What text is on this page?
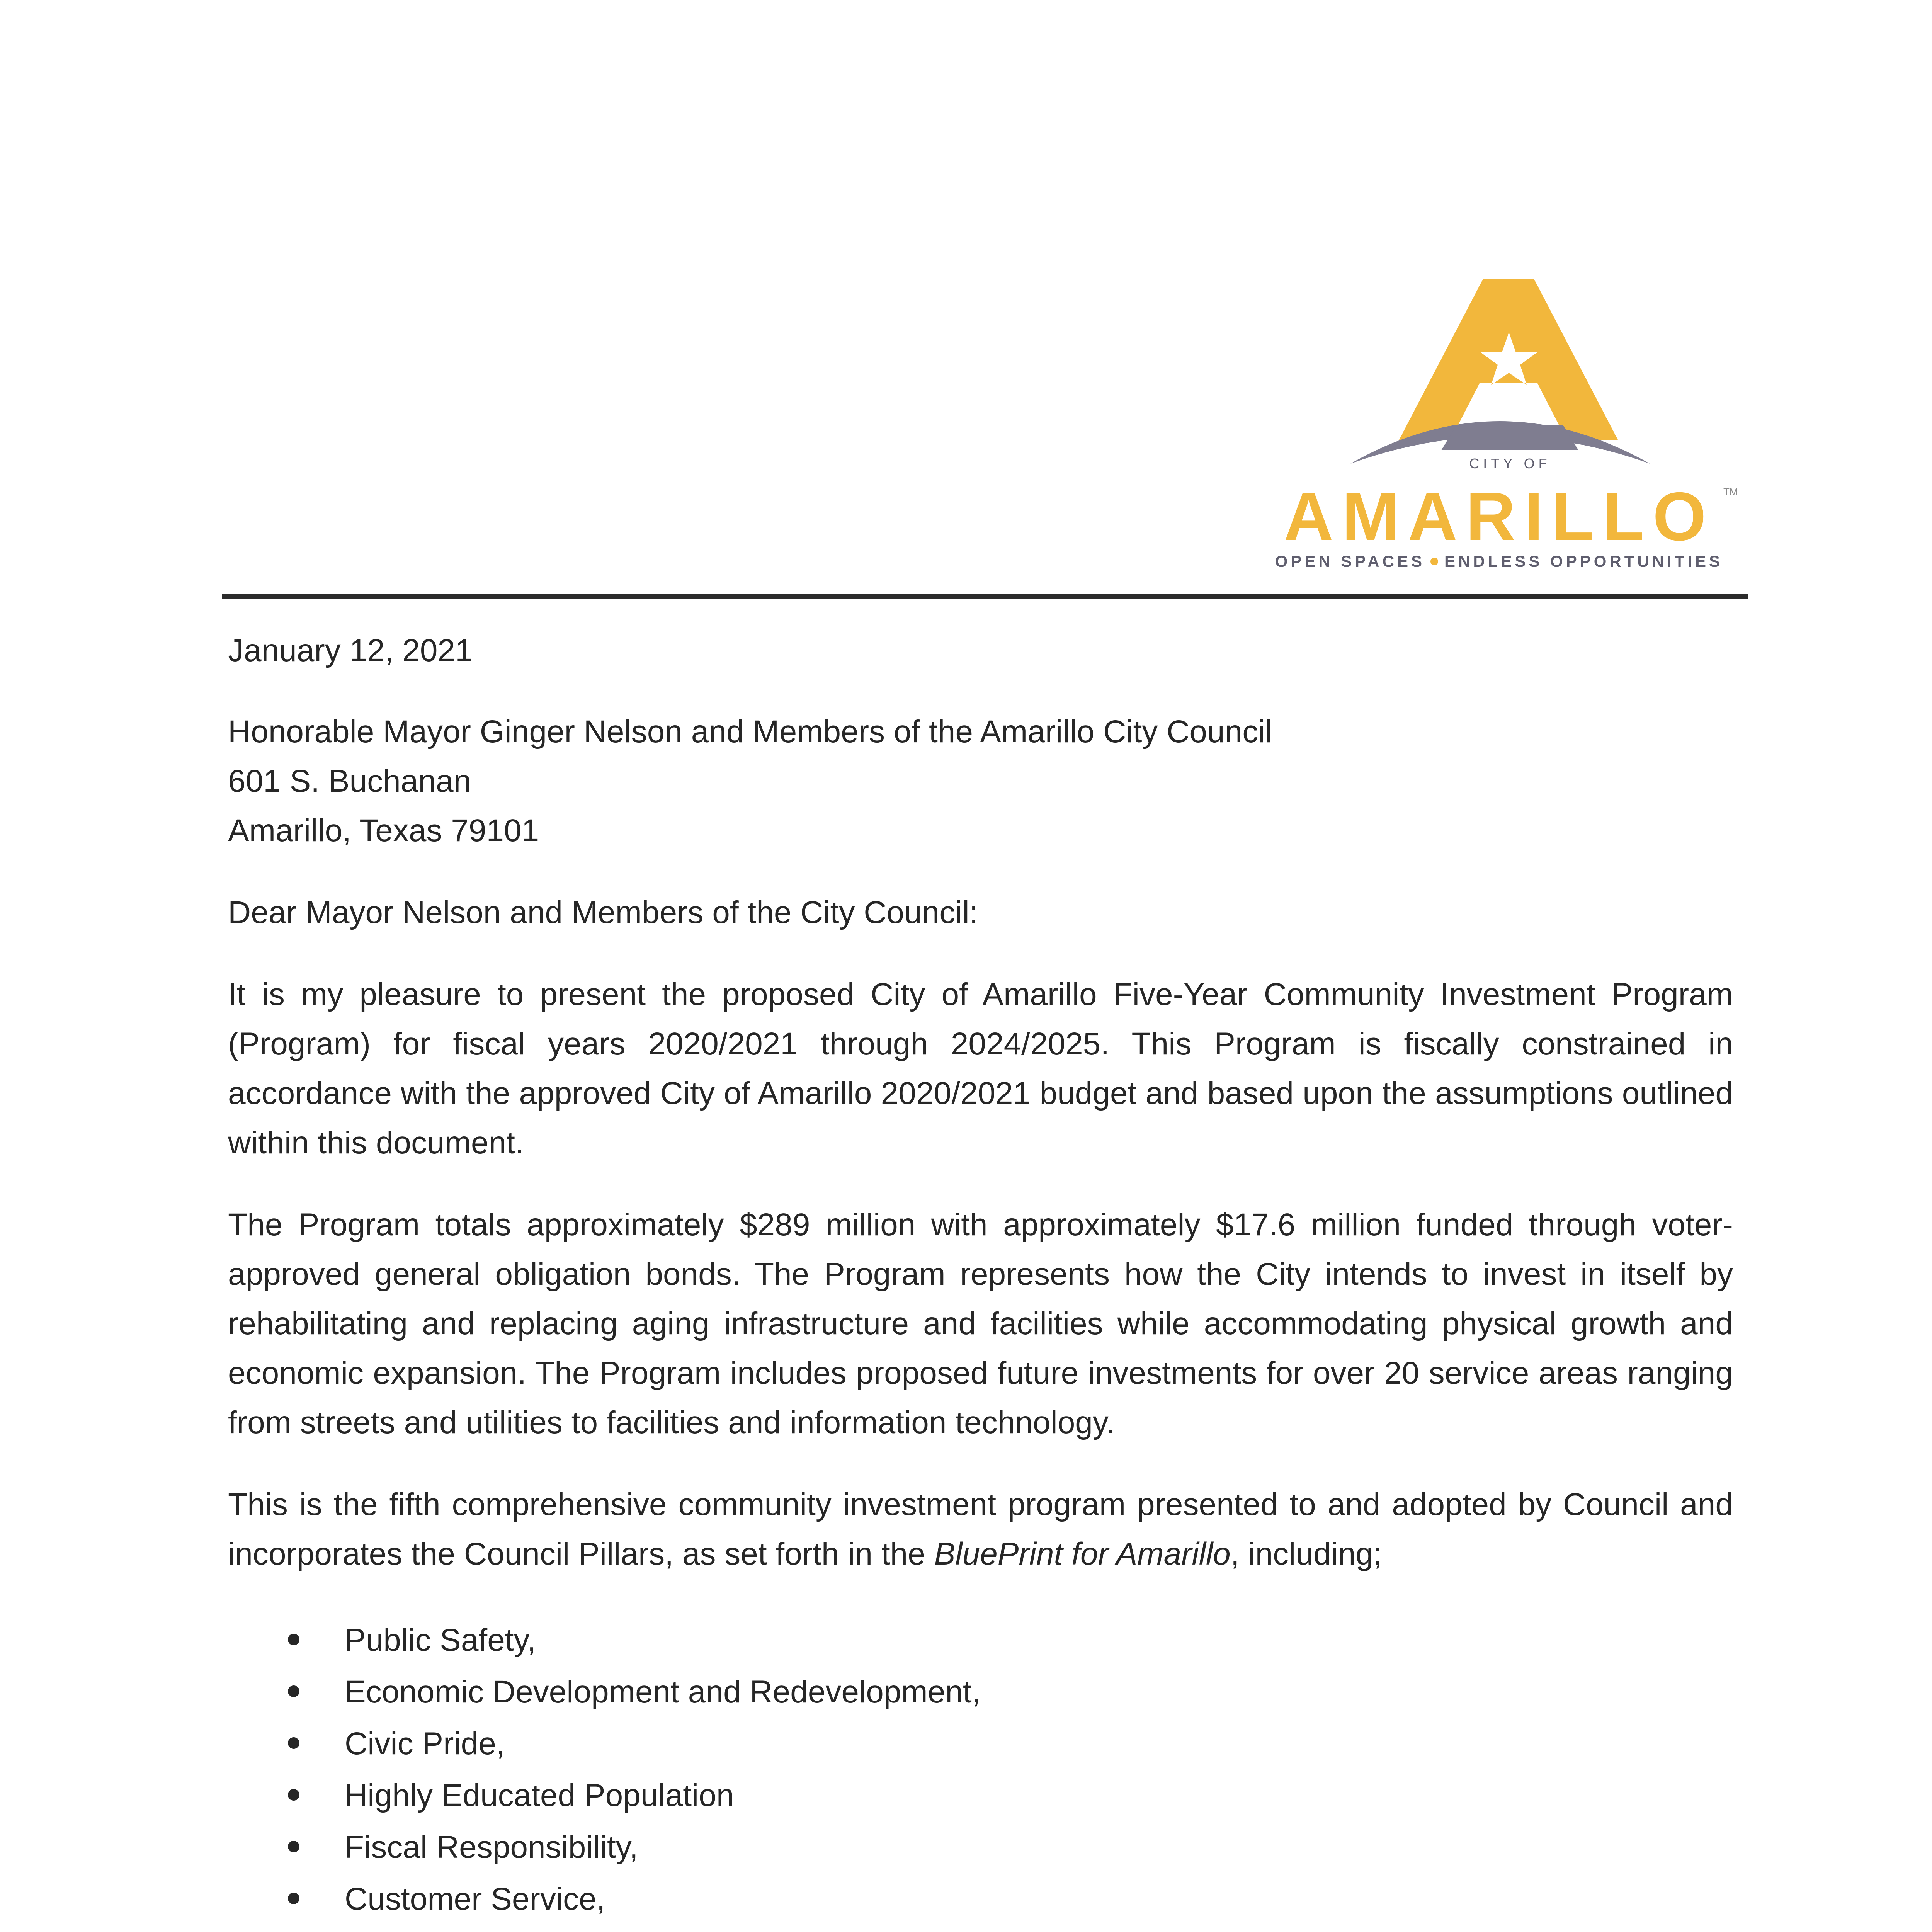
CITY OF
AMARILLO TM
OPEN SPACES ENDLESS OPPORTUNITIES

January 12, 2021

Honorable Mayor Ginger Nelson and Members of the Amarillo City Council

601 S. Buchanan

Amarillo, Texas 79101

Dear Mayor Nelson and Members of the City Council:

It is my pleasure to present the proposed City of Amarillo Five-Year Community Investment Program (Program) for fiscal years 2020/2021 through 2024/2025. This Program is fiscally constrained in accordance with the approved City of Amarillo 2020/2021 budget and based upon the assumptions outlined within this document.

The Program totals approximately $289 million with approximately $17.6 million funded through voter-approved general obligation bonds. The Program represents how the City intends to invest in itself by rehabilitating and replacing aging infrastructure and facilities while accommodating physical growth and economic expansion. The Program includes proposed future investments for over 20 service areas ranging from streets and utilities to facilities and information technology.

This is the fifth comprehensive community investment program presented to and adopted by Council and incorporates the Council Pillars, as set forth in the BluePrint for Amarillo, including;

Public Safety,
Economic Development and Redevelopment,
Civic Pride,
Highly Educated Population
Fiscal Responsibility,
Customer Service,
